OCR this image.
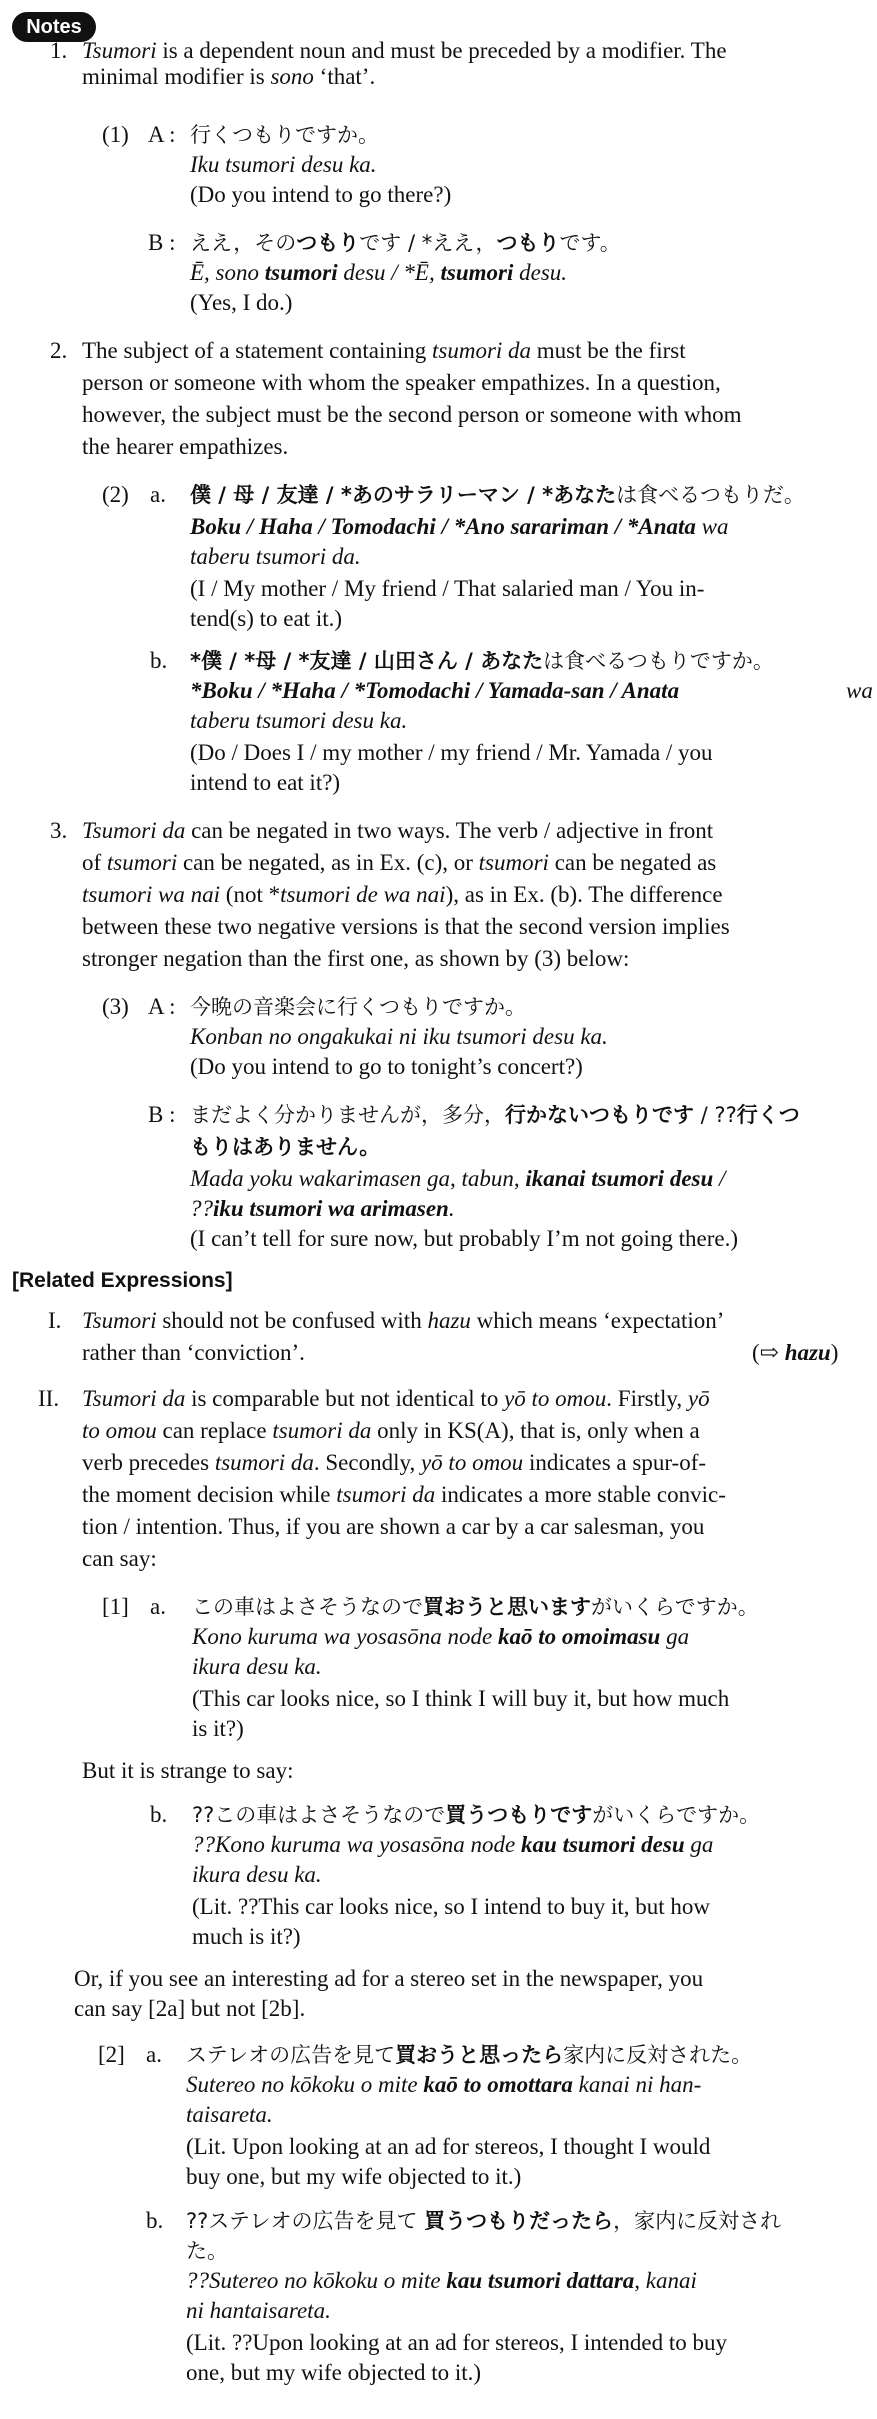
Notes
1. Tsumori is a dependent noun and must be preceded by a modifier. The
minimal modifier is sono ‘that’.
(1) A : 行くつもりですか。
Iku tsumori desu ka.
(Do you intend to go there?)
B : ええ，そのつもりです / *ええ，つもりです。
Ē, sono tsumori desu / *Ē, tsumori desu.
(Yes, I do.)
2. The subject of a statement containing tsumori da must be the first
person or someone with whom the speaker empathizes. In a question,
however, the subject must be the second person or someone with whom
the hearer empathizes.
(2) a. 僕 / 母 / 友達 / *あのサラリーマン / *あなたは食べるつもりだ。
Boku / Haha / Tomodachi / *Ano sarariman / *Anata wa
taberu tsumori da.
(I / My mother / My friend / That salaried man / You in-
tend(s) to eat it.)
b. *僕 / *母 / *友達 / 山田さん / あなたは食べるつもりですか。
*Boku / *Haha / *Tomodachi / Yamada-san / Anata	wa
taberu tsumori desu ka.
(Do / Does I / my mother / my friend / Mr. Yamada / you
intend to eat it?)
3. Tsumori da can be negated in two ways. The verb / adjective in front
of tsumori can be negated, as in Ex. (c), or tsumori can be negated as
tsumori wa nai (not *tsumori de wa nai), as in Ex. (b). The difference
between these two negative versions is that the second version implies
stronger negation than the first one, as shown by (3) below:
(3) A : 今晩の音楽会に行くつもりですか。
Konban no ongakukai ni iku tsumori desu ka.
(Do you intend to go to tonight’s concert?)
B : まだよく分かりませんが，多分，行かないつもりです / ??行くつ
もりはありません。
Mada yoku wakarimasen ga, tabun, ikanai tsumori desu /
??iku tsumori wa arimasen.
(I can’t tell for sure now, but probably I’m not going there.)
[Related Expressions]
I. Tsumori should not be confused with hazu which means ‘expectation’
rather than ‘conviction’.	(⇨ hazu)
II. Tsumori da is comparable but not identical to yō to omou. Firstly, yō
to omou can replace tsumori da only in KS(A), that is, only when a
verb precedes tsumori da. Secondly, yō to omou indicates a spur-of-
the moment decision while tsumori da indicates a more stable convic-
tion / intention. Thus, if you are shown a car by a car salesman, you
can say:
[1] a. この車はよさそうなので買おうと思いますがいくらですか。
Kono kuruma wa yosasōna node kaō to omoimasu ga
ikura desu ka.
(This car looks nice, so I think I will buy it, but how much
is it?)
But it is strange to say:
b. ??この車はよさそうなので買うつもりですがいくらですか。
??Kono kuruma wa yosasōna node kau tsumori desu ga
ikura desu ka.
(Lit. ??This car looks nice, so I intend to buy it, but how
much is it?)
Or, if you see an interesting ad for a stereo set in the newspaper, you
can say [2a] but not [2b].
[2] a. ステレオの広告を見て買おうと思ったら家内に反対された。
Sutereo no kōkoku o mite kaō to omottara kanai ni han-
taisareta.
(Lit. Upon looking at an ad for stereos, I thought I would
buy one, but my wife objected to it.)
b. ??ステレオの広告を見て 買うつもりだったら，家内に反対され
た。
??Sutereo no kōkoku o mite kau tsumori dattara, kanai
ni hantaisareta.
(Lit. ??Upon looking at an ad for stereos, I intended to buy
one, but my wife objected to it.)
